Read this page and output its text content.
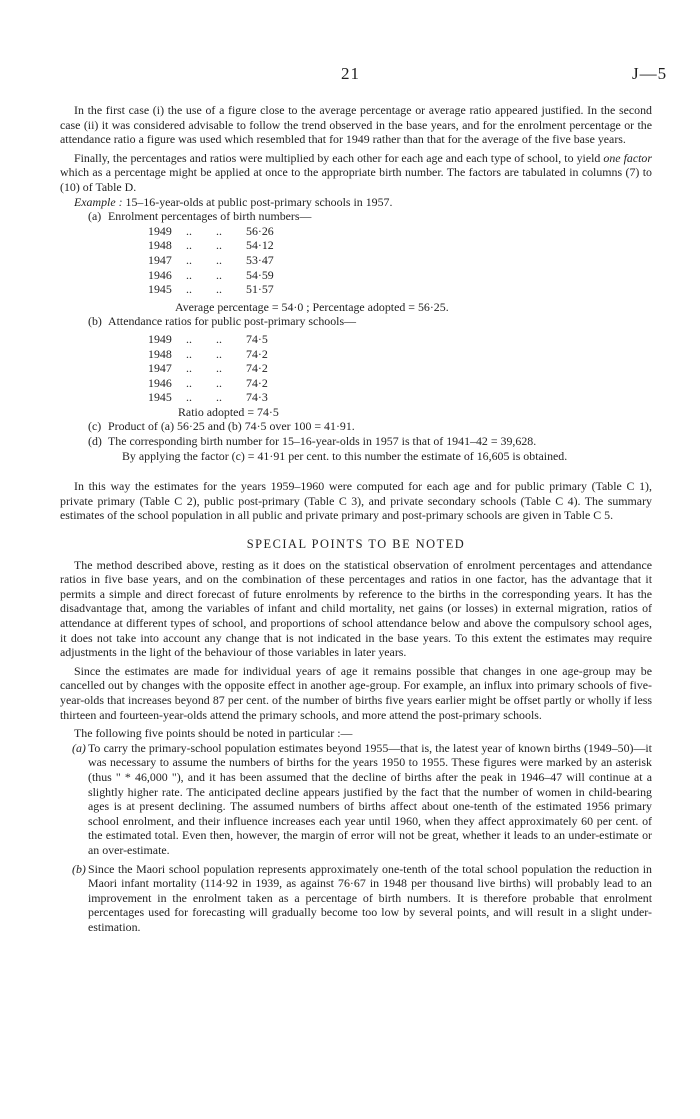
21	J—5

In the first case (i) the use of a figure close to the average percentage or average ratio appeared justified. In the second case (ii) it was considered advisable to follow the trend observed in the base years, and for the enrolment percentage or the attendance ratio a figure was used which resembled that for 1949 rather than that for the average of the five base years.

Finally, the percentages and ratios were multiplied by each other for each age and each type of school, to yield one factor which as a percentage might be applied at once to the appropriate birth number. The factors are tabulated in columns (7) to (10) of Table D.

Example : 15–16-year-olds at public post-primary schools in 1957.

(a) Enrolment percentages of birth numbers—
1949 .. .. 56·26
1948 .. .. 54·12
1947 .. .. 53·47
1946 .. .. 54·59
1945 .. .. 51·57
Average percentage = 54·0 ; Percentage adopted = 56·25.
(b) Attendance ratios for public post-primary schools—
1949 .. .. 74·5
1948 .. .. 74·2
1947 .. .. 74·2
1946 .. .. 74·2
1945 .. .. 74·3
Ratio adopted = 74·5
(c) Product of (a) 56·25 and (b) 74·5 over 100 = 41·91.
(d) The corresponding birth number for 15–16-year-olds in 1957 is that of 1941–42 = 39,628.
By applying the factor (c) = 41·91 per cent. to this number the estimate of 16,605 is obtained.

In this way the estimates for the years 1959–1960 were computed for each age and for public primary (Table C 1), private primary (Table C 2), public post-primary (Table C 3), and private secondary schools (Table C 4). The summary estimates of the school population in all public and private primary and post-primary schools are given in Table C 5.

SPECIAL POINTS TO BE NOTED

The method described above, resting as it does on the statistical observation of enrolment percentages and attendance ratios in five base years, and on the combination of these percentages and ratios in one factor, has the advantage that it permits a simple and direct forecast of future enrolments by reference to the births in the corresponding years. It has the disadvantage that, among the variables of infant and child mortality, net gains (or losses) in external migration, ratios of attendance at different types of school, and proportions of school attendance below and above the compulsory school ages, it does not take into account any change that is not indicated in the base years. To this extent the estimates may require adjustments in the light of the behaviour of those variables in later years.

Since the estimates are made for individual years of age it remains possible that changes in one age-group may be cancelled out by changes with the opposite effect in another age-group. For example, an influx into primary schools of five-year-olds that increases beyond 87 per cent. of the number of births five years earlier might be offset partly or wholly if less thirteen and fourteen-year-olds attend the primary schools, and more attend the post-primary schools.

The following five points should be noted in particular :—

(a) To carry the primary-school population estimates beyond 1955—that is, the latest year of known births (1949–50)—it was necessary to assume the numbers of births for the years 1950 to 1955. These figures were marked by an asterisk (thus " * 46,000 "), and it has been assumed that the decline of births after the peak in 1946–47 will continue at a slightly higher rate. The anticipated decline appears justified by the fact that the number of women in child-bearing ages is at present declining. The assumed numbers of births affect about one-tenth of the estimated 1956 primary school enrolment, and their influence increases each year until 1960, when they affect approximately 60 per cent. of the estimated total. Even then, however, the margin of error will not be great, whether it leads to an under-estimate or an over-estimate.
(b) Since the Maori school population represents approximately one-tenth of the total school population the reduction in Maori infant mortality (114·92 in 1939, as against 76·67 in 1948 per thousand live births) will probably lead to an improvement in the enrolment taken as a percentage of birth numbers. It is therefore probable that enrolment percentages used for forecasting will gradually become too low by several points, and will result in a slight under-estimation.
